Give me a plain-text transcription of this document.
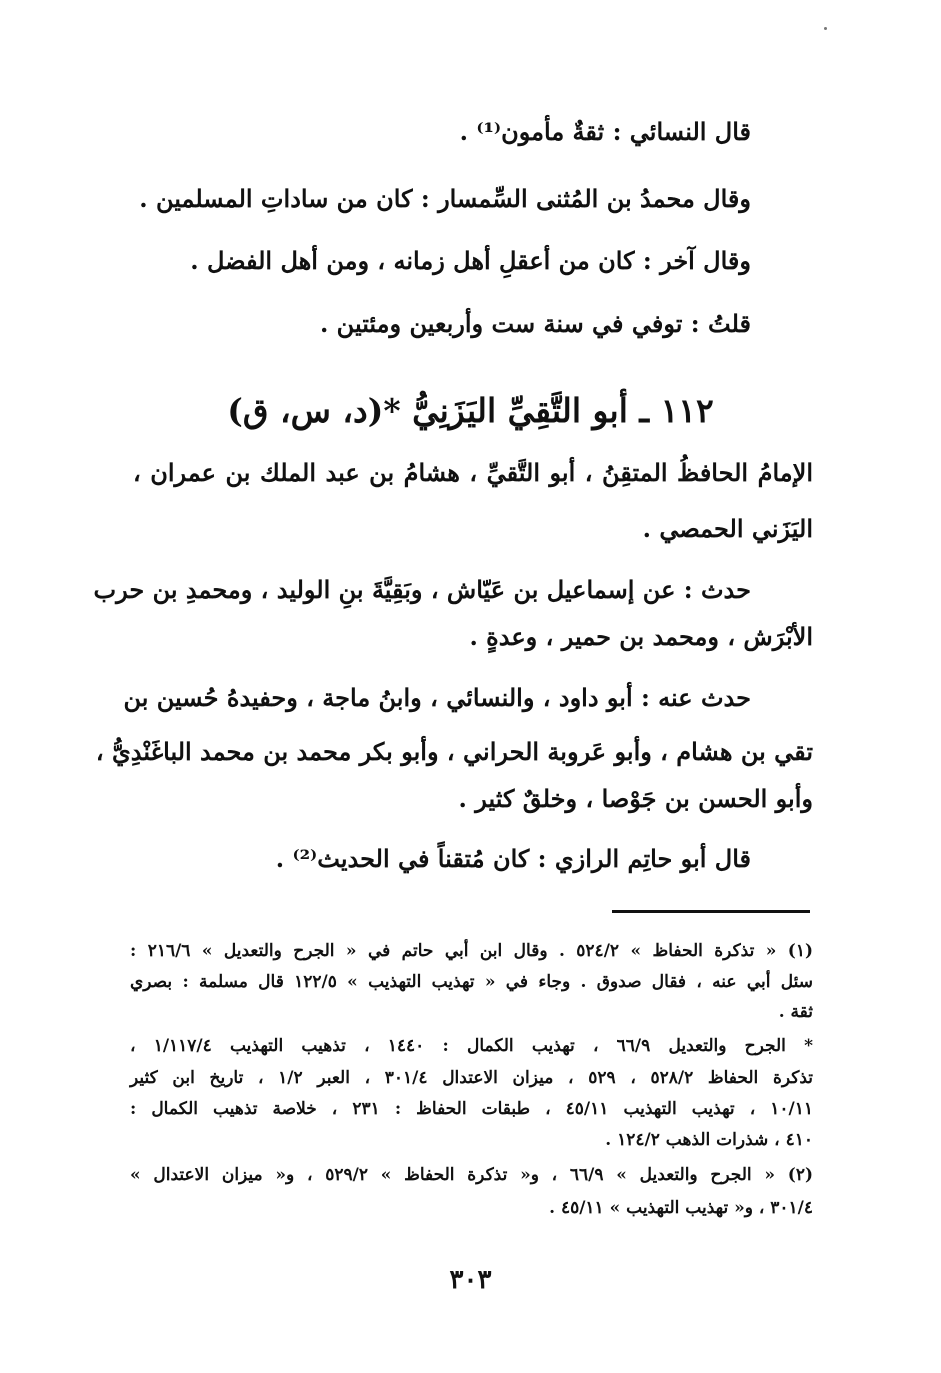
قال النسائي : ثقةٌ مأمون⁽¹⁾ .
وقال محمدُ بن المُثنى السِّمسار : كان من ساداتِ المسلمين .
وقال آخر : كان من أعقلِ أهل زمانه ، ومن أهل الفضل .
قلتُ : توفي في سنة ست وأربعين ومئتين .
١١٢ ـ أبو التَّقِيِّ اليَزَنِيُّ *(د، س، ق)
الإمامُ الحافظُ المتقِنُ ، أبو التَّقيِّ ، هشامُ بن عبد الملك بن عمران ،
اليَزَني الحمصي .
حدث : عن إسماعيل بن عَيّاش ، وبَقِيَّةَ بنِ الوليد ، ومحمدِ بن حرب
الأبْرَش ، ومحمد بن حمير ، وعدةٍ .
حدث عنه : أبو داود ، والنسائي ، وابنُ ماجة ، وحفيدهُ حُسين بن
تقي بن هشام ، وأبو عَروبة الحراني ، وأبو بكر محمد بن محمد الباغَنْدِيُّ ،
وأبو الحسن بن جَوْصا ، وخلقٌ كثير .
قال أبو حاتِم الرازي : كان مُتقناً في الحديث⁽²⁾ .
(١) « تذكرة الحفاظ » ٥٢٤/٢ . وقال ابن أبي حاتم في « الجرح والتعديل » ٢١٦/٦ :
سئل أبي عنه ، فقال صدوق . وجاء في « تهذيب التهذيب » ١٢٢/٥ قال مسلمة : بصري
ثقة .
* الجرح والتعديل ٦٦/٩ ، تهذيب الكمال : ١٤٤٠ ، تذهيب التهذيب ١/١١٧/٤ ،
تذكرة الحفاظ ٥٢٨/٢ ، ٥٢٩ ، ميزان الاعتدال ٣٠١/٤ ، العبر ١/٢ ، تاريخ ابن كثير
١٠/١١ ، تهذيب التهذيب ٤٥/١١ ، طبقات الحفاظ : ٢٣١ ، خلاصة تذهيب الكمال :
٤١٠ ، شذرات الذهب ١٢٤/٢ .
(٢) « الجرح والتعديل » ٦٦/٩ ، و« تذكرة الحفاظ » ٥٢٩/٢ ، و« ميزان الاعتدال »
٣٠١/٤ ، و« تهذيب التهذيب » ٤٥/١١ .
٣٠٣
